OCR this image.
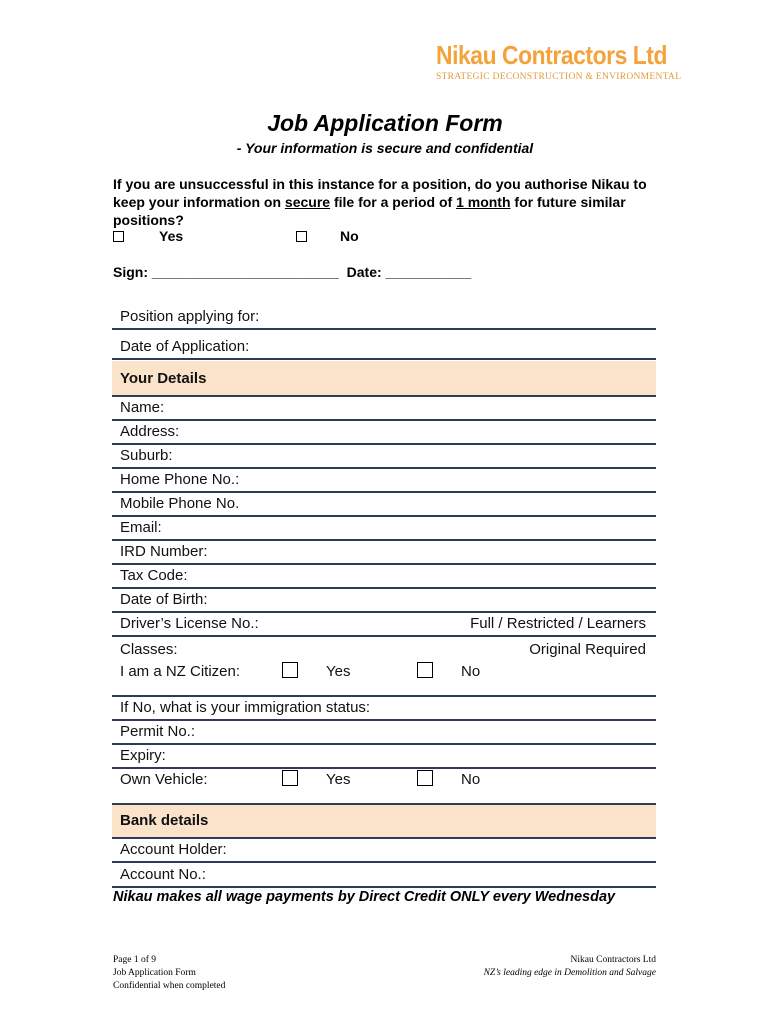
Nikau Contractors Ltd
STRATEGIC DECONSTRUCTION & ENVIRONMENTAL
Job Application Form
- Your information is secure and confidential
If you are unsuccessful in this instance for a position, do you authorise Nikau to keep your information on secure file for a period of 1 month for future similar positions?
Yes	No
Sign: ________________________ Date: ___________
Position applying for:
Date of Application:
Your Details
Name:
Address:
Suburb:
Home Phone No.:
Mobile Phone No.
Email:
IRD Number:
Tax Code:
Date of Birth:
Driver’s License No.:	Full / Restricted / Learners
Classes:	Original Required
I am a NZ Citizen:	Yes	No
If No, what is your immigration status:
Permit No.:
Expiry:
Own Vehicle:	Yes	No
Bank details
Account Holder:
Account No.:
Nikau makes all wage payments by Direct Credit ONLY every Wednesday
Page 1 of 9
Job Application Form
Confidential when completed
Nikau Contractors Ltd
NZ’s leading edge in Demolition and Salvage
